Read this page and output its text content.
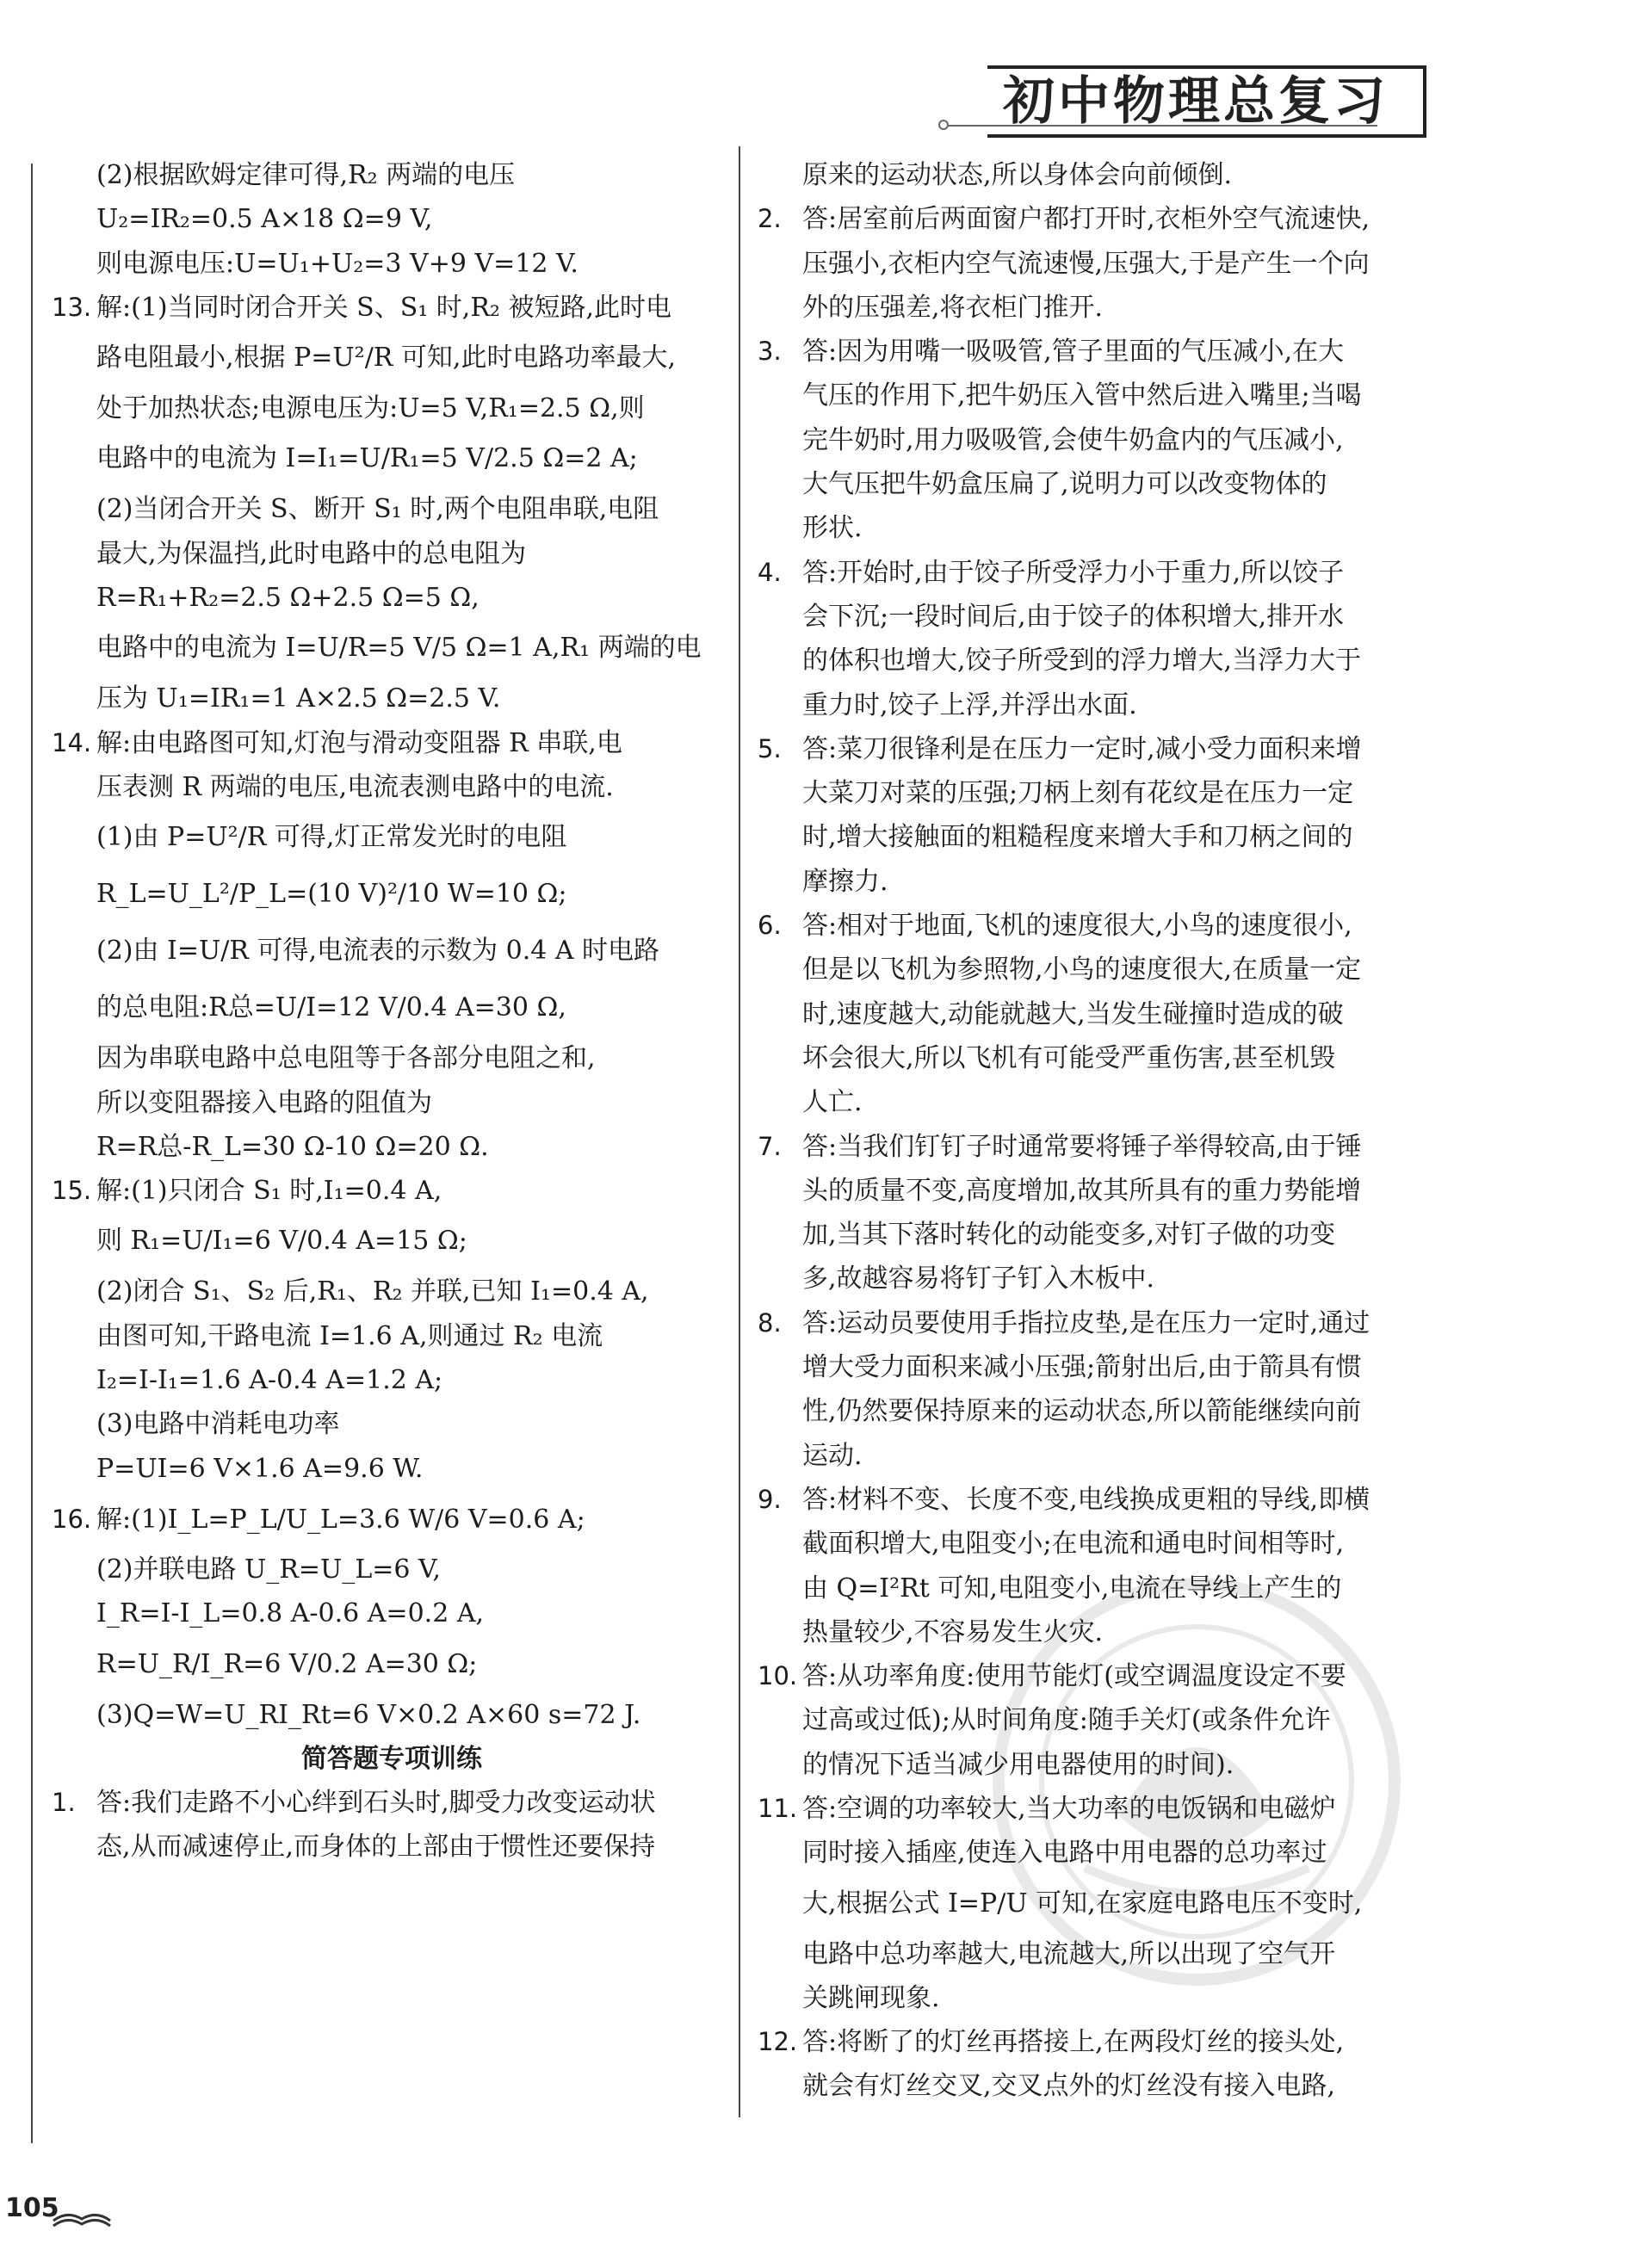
初中物理总复习
(2)根据欧姆定律可得,R₂ 两端的电压
U₂=IR₂=0.5 A×18 Ω=9 V,
则电源电压:U=U₁+U₂=3 V+9 V=12 V.
13. 解:(1)当同时闭合开关 S、S₁ 时,R₂ 被短路,此时电
路电阻最小,根据 P=U²/R 可知,此时电路功率最大,
处于加热状态;电源电压为:U=5 V,R₁=2.5 Ω,则
电路中的电流为 I=I₁=U/R₁=5 V/2.5 Ω=2 A;
(2)当闭合开关 S、断开 S₁ 时,两个电阻串联,电阻
最大,为保温挡,此时电路中的总电阻为
R=R₁+R₂=2.5 Ω+2.5 Ω=5 Ω,
电路中的电流为 I=U/R=5 V/5 Ω=1 A,R₁ 两端的电
压为 U₁=IR₁=1 A×2.5 Ω=2.5 V.
14. 解:由电路图可知,灯泡与滑动变阻器 R 串联,电
压表测 R 两端的电压,电流表测电路中的电流.
(1)由 P=U²/R 可得,灯正常发光时的电阻
R_L=U_L²/P_L=(10 V)²/10 W=10 Ω;
(2)由 I=U/R 可得,电流表的示数为 0.4 A 时电路
的总电阻:R总=U/I=12 V/0.4 A=30 Ω,
因为串联电路中总电阻等于各部分电阻之和,
所以变阻器接入电路的阻值为
R=R总-R_L=30 Ω-10 Ω=20 Ω.
15. 解:(1)只闭合 S₁ 时,I₁=0.4 A,
则 R₁=U/I₁=6 V/0.4 A=15 Ω;
(2)闭合 S₁、S₂ 后,R₁、R₂ 并联,已知 I₁=0.4 A,
由图可知,干路电流 I=1.6 A,则通过 R₂ 电流
I₂=I-I₁=1.6 A-0.4 A=1.2 A;
(3)电路中消耗电功率
P=UI=6 V×1.6 A=9.6 W.
16. 解:(1)I_L=P_L/U_L=3.6 W/6 V=0.6 A;
(2)并联电路 U_R=U_L=6 V,
I_R=I-I_L=0.8 A-0.6 A=0.2 A,
R=U_R/I_R=6 V/0.2 A=30 Ω;
(3)Q=W=U_RI_Rt=6 V×0.2 A×60 s=72 J.
简答题专项训练
1. 答:我们走路不小心绊到石头时,脚受力改变运动状
态,从而减速停止,而身体的上部由于惯性还要保持
原来的运动状态,所以身体会向前倾倒.
2. 答:居室前后两面窗户都打开时,衣柜外空气流速快,
压强小,衣柜内空气流速慢,压强大,于是产生一个向
外的压强差,将衣柜门推开.
3. 答:因为用嘴一吸吸管,管子里面的气压减小,在大
气压的作用下,把牛奶压入管中然后进入嘴里;当喝
完牛奶时,用力吸吸管,会使牛奶盒内的气压减小,
大气压把牛奶盒压扁了,说明力可以改变物体的
形状.
4. 答:开始时,由于饺子所受浮力小于重力,所以饺子
会下沉;一段时间后,由于饺子的体积增大,排开水
的体积也增大,饺子所受到的浮力增大,当浮力大于
重力时,饺子上浮,并浮出水面.
5. 答:菜刀很锋利是在压力一定时,减小受力面积来增
大菜刀对菜的压强;刀柄上刻有花纹是在压力一定
时,增大接触面的粗糙程度来增大手和刀柄之间的
摩擦力.
6. 答:相对于地面,飞机的速度很大,小鸟的速度很小,
但是以飞机为参照物,小鸟的速度很大,在质量一定
时,速度越大,动能就越大,当发生碰撞时造成的破
坏会很大,所以飞机有可能受严重伤害,甚至机毁
人亡.
7. 答:当我们钉钉子时通常要将锤子举得较高,由于锤
头的质量不变,高度增加,故其所具有的重力势能增
加,当其下落时转化的动能变多,对钉子做的功变
多,故越容易将钉子钉入木板中.
8. 答:运动员要使用手指拉皮垫,是在压力一定时,通过
增大受力面积来减小压强;箭射出后,由于箭具有惯
性,仍然要保持原来的运动状态,所以箭能继续向前
运动.
9. 答:材料不变、长度不变,电线换成更粗的导线,即横
截面积增大,电阻变小;在电流和通电时间相等时,
由 Q=I²Rt 可知,电阻变小,电流在导线上产生的
热量较少,不容易发生火灾.
10. 答:从功率角度:使用节能灯(或空调温度设定不要
过高或过低);从时间角度:随手关灯(或条件允许
的情况下适当减少用电器使用的时间).
11. 答:空调的功率较大,当大功率的电饭锅和电磁炉
同时接入插座,使连入电路中用电器的总功率过
大,根据公式 I=P/U 可知,在家庭电路电压不变时,
电路中总功率越大,电流越大,所以出现了空气开
关跳闸现象.
12. 答:将断了的灯丝再搭接上,在两段灯丝的接头处,
就会有灯丝交叉,交叉点外的灯丝没有接入电路,
105
